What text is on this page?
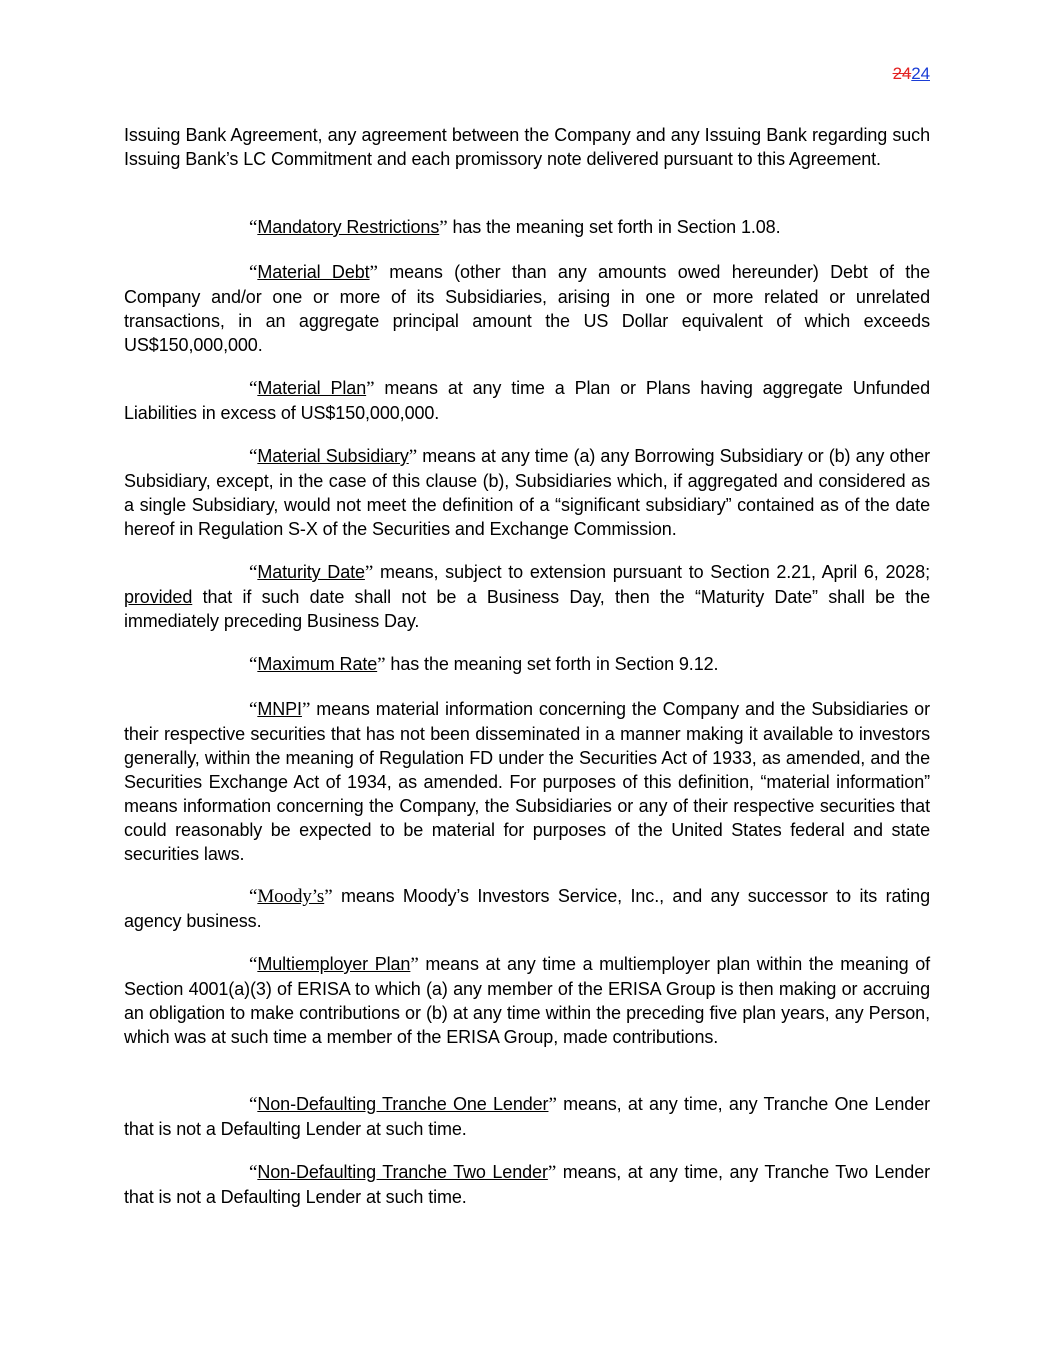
2424

Issuing Bank Agreement, any agreement between the Company and any Issuing Bank regarding such Issuing Bank’s LC Commitment and each promissory note delivered pursuant to this Agreement.

“Mandatory Restrictions” has the meaning set forth in Section 1.08.

“Material Debt” means (other than any amounts owed hereunder) Debt of the Company and/or one or more of its Subsidiaries, arising in one or more related or unrelated transactions, in an aggregate principal amount the US Dollar equivalent of which exceeds US$150,000,000.

“Material Plan” means at any time a Plan or Plans having aggregate Unfunded Liabilities in excess of US$150,000,000.

“Material Subsidiary” means at any time (a) any Borrowing Subsidiary or (b) any other Subsidiary, except, in the case of this clause (b), Subsidiaries which, if aggregated and considered as a single Subsidiary, would not meet the definition of a “significant subsidiary” contained as of the date hereof in Regulation S-X of the Securities and Exchange Commission.

“Maturity Date” means, subject to extension pursuant to Section 2.21, April 6, 2028; provided that if such date shall not be a Business Day, then the “Maturity Date” shall be the immediately preceding Business Day.

“Maximum Rate” has the meaning set forth in Section 9.12.

“MNPI” means material information concerning the Company and the Subsidiaries or their respective securities that has not been disseminated in a manner making it available to investors generally, within the meaning of Regulation FD under the Securities Act of 1933, as amended, and the Securities Exchange Act of 1934, as amended. For purposes of this definition, “material information” means information concerning the Company, the Subsidiaries or any of their respective securities that could reasonably be expected to be material for purposes of the United States federal and state securities laws.

“Moody’s” means Moody’s Investors Service, Inc., and any successor to its rating agency business.

“Multiemployer Plan” means at any time a multiemployer plan within the meaning of Section 4001(a)(3) of ERISA to which (a) any member of the ERISA Group is then making or accruing an obligation to make contributions or (b) at any time within the preceding five plan years, any Person, which was at such time a member of the ERISA Group, made contributions.

“Non-Defaulting Tranche One Lender” means, at any time, any Tranche One Lender that is not a Defaulting Lender at such time.

“Non-Defaulting Tranche Two Lender” means, at any time, any Tranche Two Lender that is not a Defaulting Lender at such time.
